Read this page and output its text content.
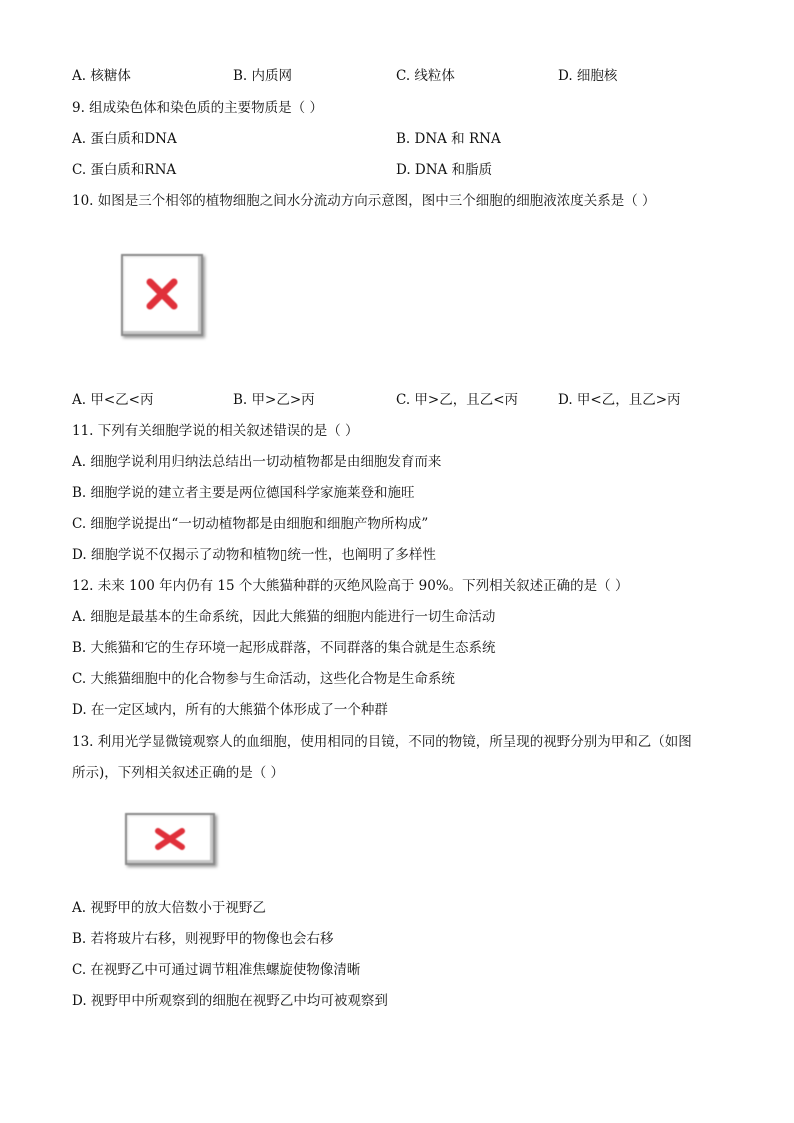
A. 核糖体	B. 内质网	C. 线粒体	D. 细胞核
9. 组成染色体和染色质的主要物质是（ ）
A. 蛋白质和DNA	B. DNA 和 RNA
C. 蛋白质和RNA	D. DNA 和脂质
10. 如图是三个相邻的植物细胞之间水分流动方向示意图，图中三个细胞的细胞液浓度关系是（ ）
A. 甲<乙<丙	B. 甲>乙>丙	C. 甲>乙，且乙<丙	D. 甲<乙，且乙>丙
11. 下列有关细胞学说的相关叙述错误的是（ ）
A. 细胞学说利用归纳法总结出一切动植物都是由细胞发育而来
B. 细胞学说的建立者主要是两位德国科学家施莱登和施旺
C. 细胞学说提出“一切动植物都是由细胞和细胞产物所构成”
D. 细胞学说不仅揭示了动物和植物▯统一性，也阐明了多样性
12. 未来 100 年内仍有 15 个大熊猫种群的灭绝风险高于 90%。下列相关叙述正确的是（ ）
A. 细胞是最基本的生命系统，因此大熊猫的细胞内能进行一切生命活动
B. 大熊猫和它的生存环境一起形成群落，不同群落的集合就是生态系统
C. 大熊猫细胞中的化合物参与生命活动，这些化合物是生命系统
D. 在一定区域内，所有的大熊猫个体形成了一个种群
13. 利用光学显微镜观察人的血细胞，使用相同的目镜，不同的物镜，所呈现的视野分别为甲和乙（如图
所示)，下列相关叙述正确的是（ ）
A. 视野甲的放大倍数小于视野乙
B. 若将玻片右移，则视野甲的物像也会右移
C. 在视野乙中可通过调节粗准焦螺旋使物像清晰
D. 视野甲中所观察到的细胞在视野乙中均可被观察到
